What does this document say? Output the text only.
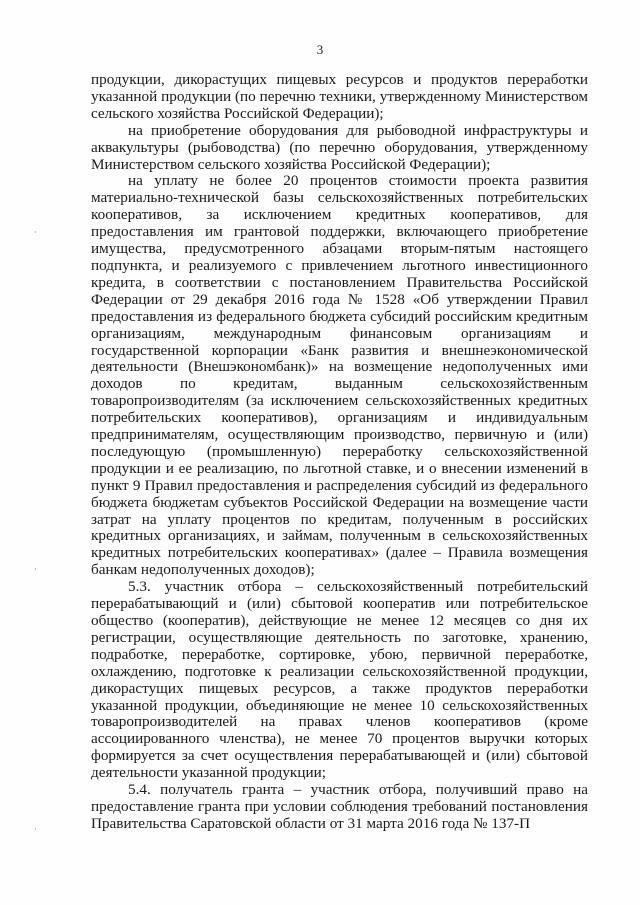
3

продукции, дикорастущих пищевых ресурсов и продуктов переработки указанной продукции (по перечню техники, утвержденному Министерством сельского хозяйства Российской Федерации);

на приобретение оборудования для рыбоводной инфраструктуры и аквакультуры (рыбоводства) (по перечню оборудования, утвержденному Министерством сельского хозяйства Российской Федерации);

на уплату не более 20 процентов стоимости проекта развития материально-технической базы сельскохозяйственных потребительских кооперативов, за исключением кредитных кооперативов, для предоставления им грантовой поддержки, включающего приобретение имущества, предусмотренного абзацами вторым-пятым настоящего подпункта, и реализуемого с привлечением льготного инвестиционного кредита, в соответствии с постановлением Правительства Российской Федерации от 29 декабря 2016 года № 1528 «Об утверждении Правил предоставления из федерального бюджета субсидий российским кредитным организациям, международным финансовым организациям и государственной корпорации «Банк развития и внешнеэкономической деятельности (Внешэкономбанк)» на возмещение недополученных ими доходов по кредитам, выданным сельскохозяйственным товаропроизводителям (за исключением сельскохозяйственных кредитных потребительских кооперативов), организациям и индивидуальным предпринимателям, осуществляющим производство, первичную и (или) последующую (промышленную) переработку сельскохозяйственной продукции и ее реализацию, по льготной ставке, и о внесении изменений в пункт 9 Правил предоставления и распределения субсидий из федерального бюджета бюджетам субъектов Российской Федерации на возмещение части затрат на уплату процентов по кредитам, полученным в российских кредитных организациях, и займам, полученным в сельскохозяйственных кредитных потребительских кооперативах» (далее – Правила возмещения банкам недополученных доходов);

5.3. участник отбора – сельскохозяйственный потребительский перерабатывающий и (или) сбытовой кооператив или потребительское общество (кооператив), действующие не менее 12 месяцев со дня их регистрации, осуществляющие деятельность по заготовке, хранению, подработке, переработке, сортировке, убою, первичной переработке, охлаждению, подготовке к реализации сельскохозяйственной продукции, дикорастущих пищевых ресурсов, а также продуктов переработки указанной продукции, объединяющие не менее 10 сельскохозяйственных товаропроизводителей на правах членов кооперативов (кроме ассоциированного членства), не менее 70 процентов выручки которых формируется за счет осуществления перерабатывающей и (или) сбытовой деятельности указанной продукции;

5.4. получатель гранта – участник отбора, получивший право на предоставление гранта при условии соблюдения требований постановления Правительства Саратовской области от 31 марта 2016 года № 137-П

·
·
·
